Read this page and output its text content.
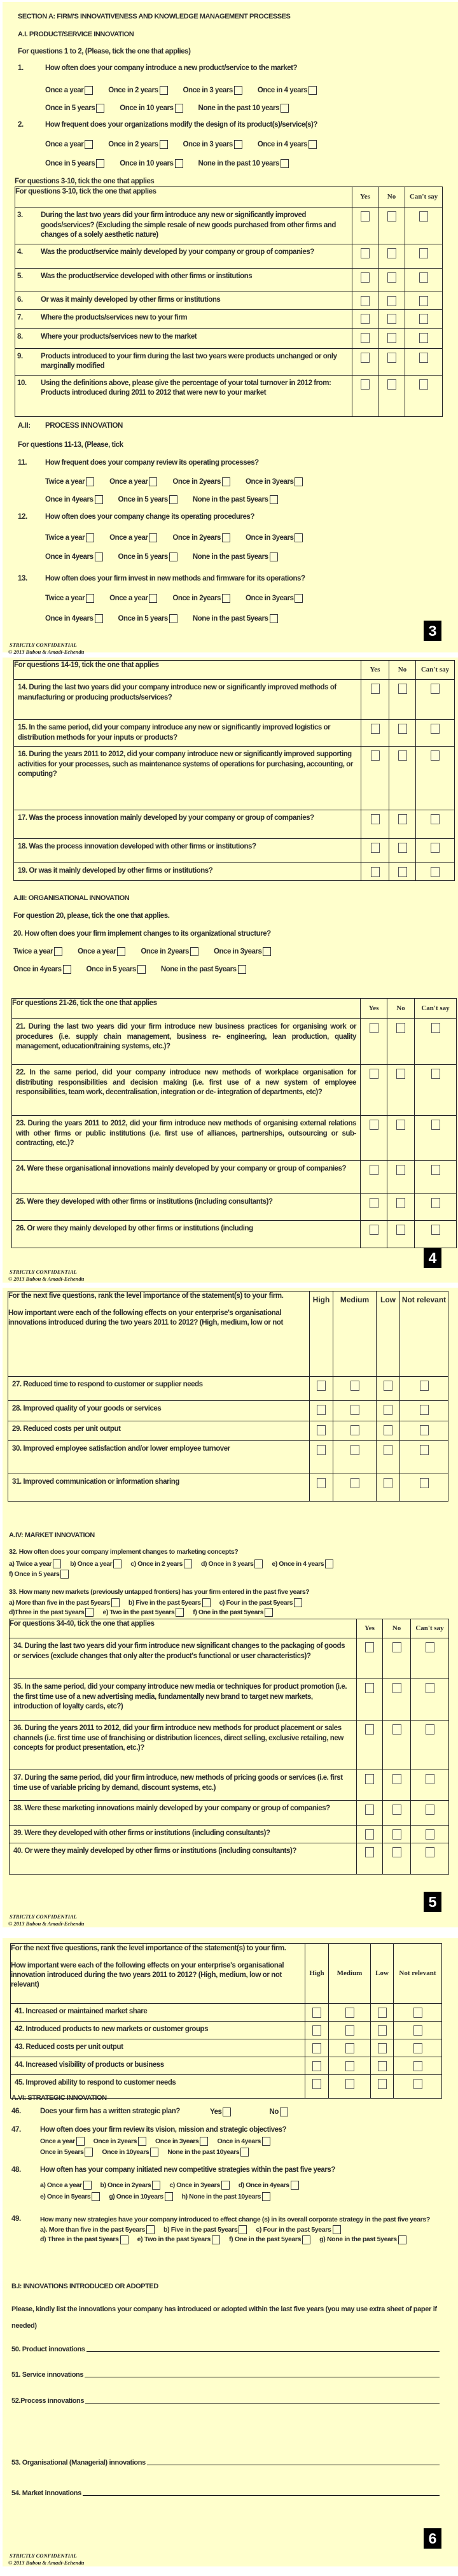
SECTION A: FIRM'S INNOVATIVENESS AND KNOWLEDGE MANAGEMENT PROCESSES
A.I. PRODUCT/SERVICE INNOVATION
For questions 1 to 2, (Please, tick the one that applies)
1.	How often does your company introduce a new product/service to the market?
Once a year	Once in 2 years	Once in 3 years	Once in 4 years
Once in 5 years	Once in 10 years	None in the past 10 years
2.	How frequent does your organizations modify the design of its product(s)/service(s)?
Once a year	Once in 2 years	Once in 3 years	Once in 4 years
Once in 5 years	Once in 10 years	None in the past 10 years
For questions 3-10, tick the one that applies
For questions 3-10, tick the one that applies	Yes	No	Can't say

3. During the last two years did your firm introduce any new or significantly improved goods/services? (Excluding the simple resale of new goods purchased from other firms and changes of a solely aesthetic nature)			

4. Was the product/service mainly developed by your company or group of companies?			

5. Was the product/service developed with other firms or institutions			

6. Or was it mainly developed by other firms or institutions			

7. Where the products/services new to your firm			

8. Where your products/services new to the market			

9. Products introduced to your firm during the last two years were products unchanged or only marginally modified			

10. Using the definitions above, please give the percentage of your total turnover in 2012 from: Products introduced during 2011 to 2012 that were new to your market			

A.II: PROCESS INNOVATION
For questions 11-13, (Please, tick
11.	How frequent does your company review its operating processes?
Twice a year	Once a year	Once in 2years	Once in 3years
Once in 4years	Once in 5 years	None in the past 5years
12. How often does your company change its operating procedures?
Twice a year	Once a year	Once in 2years	Once in 3years
Once in 4years	Once in 5 years	None in the past 5years
13. How often does your firm invest in new methods and firmware for its operations?
Twice a year	Once a year	Once in 2years	Once in 3years
Once in 4years	Once in 5 years	None in the past 5years
3
STRICTLY CONFIDENTIAL
© 2013 Bubou & Amadi-Echendu
For questions 14-19, tick the one that applies	Yes	No	Can't say

14. During the last two years did your company introduce new or significantly improved methods of manufacturing or producing products/services?			

15. In the same period, did your company introduce any new or significantly improved logistics or distribution methods for your inputs or products?			

16. During the years 2011 to 2012, did your company introduce new or significantly improved supporting activities for your processes, such as maintenance systems of operations for purchasing, accounting, or computing?			

17. Was the process innovation mainly developed by your company or group of companies?			

18. Was the process innovation developed with other firms or institutions?			

19. Or was it mainly developed by other firms or institutions?			

A.III: ORGANISATIONAL INNOVATION
For question 20, please, tick the one that applies.
20. How often does your firm implement changes to its organizational structure?
Twice a year	Once a year	Once in 2years	Once in 3years
Once in 4years	Once in 5 years	None in the past 5years
For questions 21-26, tick the one that applies	Yes	No	Can't say

21. During the last two years did your firm introduce new business practices for organising work or procedures (i.e. supply chain management, business re- engineering, lean production, quality management, education/training systems, etc.)?			

22. In the same period, did your company introduce new methods of workplace organisation for distributing responsibilities and decision making (i.e. first use of a new system of employee responsibilities, team work, decentralisation, integration or de- integration of departments, etc)?			

23. During the years 2011 to 2012, did your firm introduce new methods of organising external relations with other firms or public institutions (i.e. first use of alliances, partnerships, outsourcing or sub- contracting, etc.)?			

24. Were these organisational innovations mainly developed by your company or group of companies?			

25. Were they developed with other firms or institutions (including consultants)?			

26. Or were they mainly developed by other firms or institutions (including			

4
STRICTLY CONFIDENTIAL
© 2013 Bubou & Amadi-Echendu
For the next five questions, rank the level importance of the statement(s) to your firm.
How important were each of the following effects on your enterprise's organisational innovations introduced during the two years 2011 to 2012? (High, medium, low or not	High	Medium	Low	Not relevant

27. Reduced time to respond to customer or supplier needs				

28. Improved quality of your goods or services				

29. Reduced costs per unit output				

30. Improved employee satisfaction and/or lower employee turnover				

31. Improved communication or information sharing				

A.IV: MARKET INNOVATION
32. How often does your company implement changes to marketing concepts?
a) Twice a year	b) Once a year	c) Once in 2 years	d) Once in 3 years	e) Once in 4 years
f) Once in 5 years
33. How many new markets (previously untapped frontiers) has your firm entered in the past five years?
a) More than five in the past 5years	b) Five in the past 5years	c) Four in the past 5years
d)Three in the past 5years	e) Two in the past 5years	f) One in the past 5years
For questions 34-40, tick the one that applies	Yes	No	Can't say

34. During the last two years did your firm introduce new significant changes to the packaging of goods or services (exclude changes that only alter the product's functional or user characteristics)?			

35. In the same period, did your company introduce new media or techniques for product promotion (i.e. the first time use of a new advertising media, fundamentally new brand to target new markets, introduction of loyalty cards, etc?)			

36. During the years 2011 to 2012, did your firm introduce new methods for product placement or sales channels (i.e. first time use of franchising or distribution licences, direct selling, exclusive retailing, new concepts for product presentation, etc.)?			

37. During the same period, did your firm introduce, new methods of pricing goods or services (i.e. first time use of variable pricing by demand, discount systems, etc.)			

38. Were these marketing innovations mainly developed by your company or group of companies?			

39. Were they developed with other firms or institutions (including consultants)?			

40. Or were they mainly developed by other firms or institutions (including consultants)?			

5
STRICTLY CONFIDENTIAL
© 2013 Bubou & Amadi-Echendu
For the next five questions, rank the level importance of the statement(s) to your firm.
How important were each of the following effects on your enterprise's organisational innovation introduced during the two years 2011 to 2012? (High, medium, low or not relevant)	High	Medium	Low	Not relevant

41. Increased or maintained market share				

42. Introduced products to new markets or customer groups				

43. Reduced costs per unit output				

44. Increased visibility of products or business				

45. Improved ability to respond to customer needs				

A.VI: STRATEGIC INNOVATION
46.	Does your firm has a written strategic plan?	Yes	No
47.	How often does your firm review its vision, mission and strategic objectives?
Once a year	Once in 2years	Once in 3years	Once in 4years
Once in 5years	Once in 10years	None in the past 10years
48.	How often has your company initiated new competitive strategies within the past five years?
a) Once a year	b) Once in 2years	c) Once in 3years	d) Once in 4years
e) Once in 5years	g) Once in 10years	h) None in the past 10years
49.	How many new strategies have your company introduced to effect change (s) in its overall corporate strategy in the past five years?
a). More than five in the past 5years	b) Five in the past 5years	c) Four in the past 5years
d) Three in the past 5years	e) Two in the past 5years	f) One in the past 5years	g) None in the past 5years
B.I: INNOVATIONS INTRODUCED OR ADOPTED
Please, kindly list the innovations your company has introduced or adopted within the last five years (you may use extra sheet of paper if needed)
50. Product innovations
51. Service innovations
52.Process innovations
53. Organisational (Managerial) innovations
54. Market innovations
6
STRICTLY CONFIDENTIAL
© 2013 Bubou & Amadi-Echendu
